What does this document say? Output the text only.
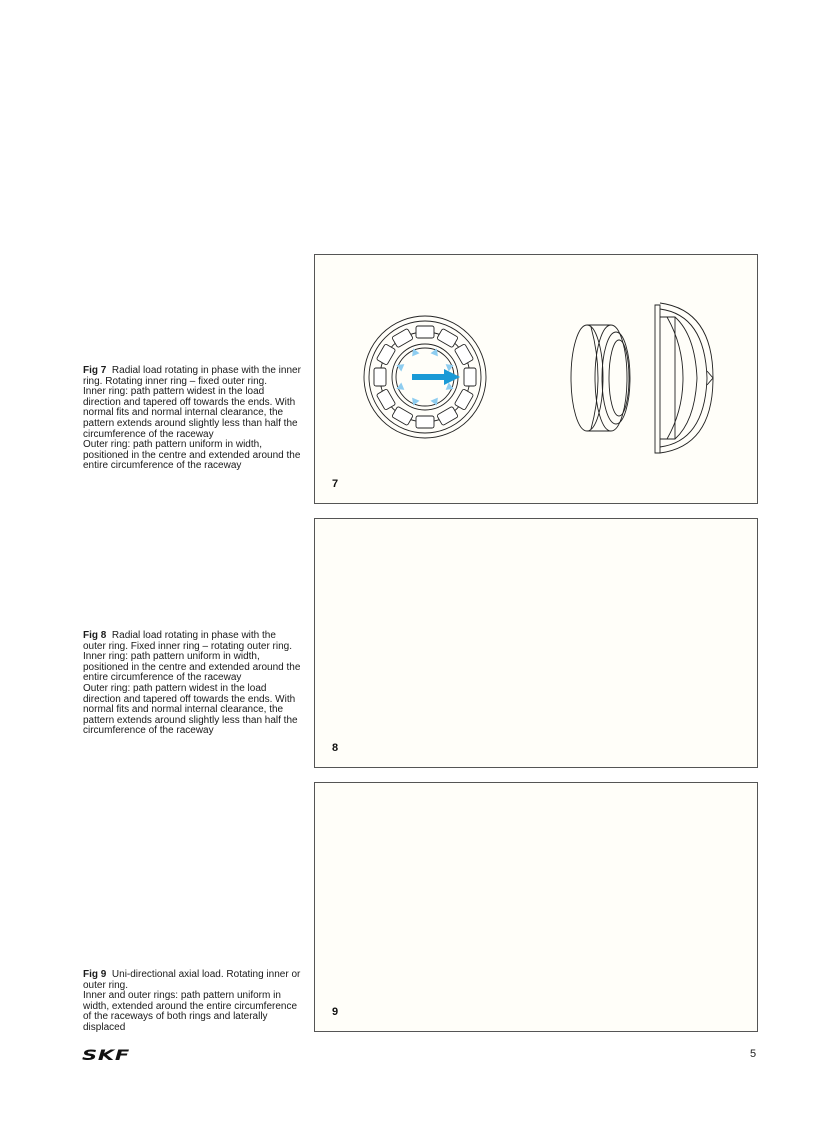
Fig 7 Radial load rotating in phase with the inner ring. Rotating inner ring – fixed outer ring.

Inner ring: path pattern widest in the load direction and tapered off towards the ends. With normal fits and normal internal clearance, the pattern extends around slightly less than half the circumference of the raceway

Outer ring: path pattern uniform in width, positioned in the centre and extended around the entire circumference of the raceway

7

Fig 8 Radial load rotating in phase with the outer ring. Fixed inner ring – rotating outer ring.

Inner ring: path pattern uniform in width, positioned in the centre and extended around the entire circumference of the raceway

Outer ring: path pattern widest in the load direction and tapered off towards the ends. With normal fits and normal internal clearance, the pattern extends around slightly less than half the circumference of the raceway

8

Fig 9 Uni-directional axial load. Rotating inner or outer ring.

Inner and outer rings: path pattern uniform in width, extended around the entire circumference of the raceways of both rings and laterally displaced

9
SKF	5
